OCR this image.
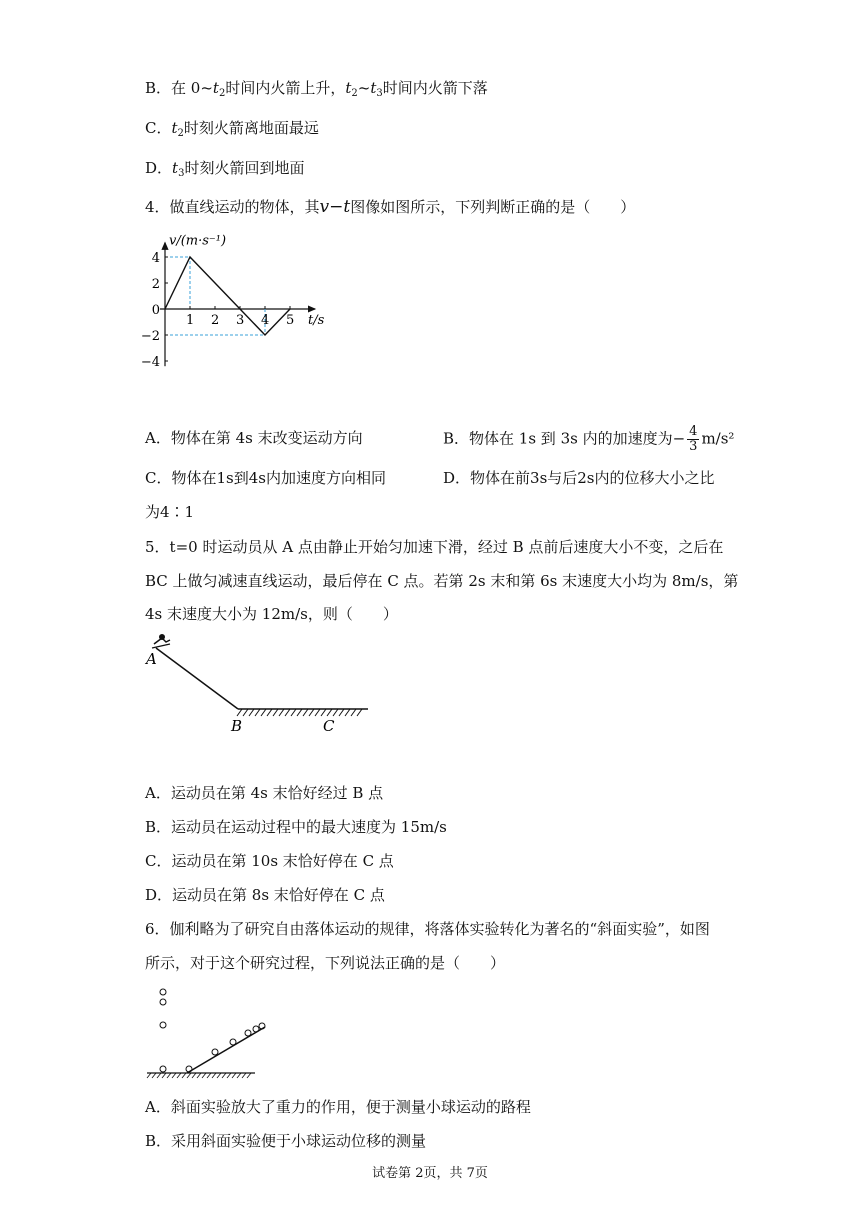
B．在 $0\sim t_2$时间内火箭上升，$t_2\sim t_3$时间内火箭下落
C．$t_2$时刻火箭离地面最远
D．$t_3$时刻火箭回到地面
4．做直线运动的物体，其v−t图像如图所示，下列判断正确的是（　　）
4
2
0
−2
−4
1 2 3 4 5
v/(m·s⁻¹)
t/s
A．物体在第 4s 末改变运动方向	B．物体在 1s 到 3s 内的加速度为− $\frac{4}{3} m/s^2$
C．物体在1s到4s内加速度方向相同	D．物体在前3s与后2s内的位移大小之比
为4∶1
5．t=0 时运动员从 A 点由静止开始匀加速下滑，经过 B 点前后速度大小不变，之后在
BC 上做匀减速直线运动，最后停在 C 点。若第 2s 末和第 6s 末速度大小均为 8m/s，第
4s 末速度大小为 12m/s，则（　　）
A
B	C
A．运动员在第 4s 末恰好经过 B 点
B．运动员在运动过程中的最大速度为 15m/s
C．运动员在第 10s 末恰好停在 C 点
D．运动员在第 8s 末恰好停在 C 点
6．伽利略为了研究自由落体运动的规律，将落体实验转化为著名的“斜面实验”，如图
所示，对于这个研究过程，下列说法正确的是（　　）
A．斜面实验放大了重力的作用，便于测量小球运动的路程
B．采用斜面实验便于小球运动位移的测量
试卷第 2页，共 7页
